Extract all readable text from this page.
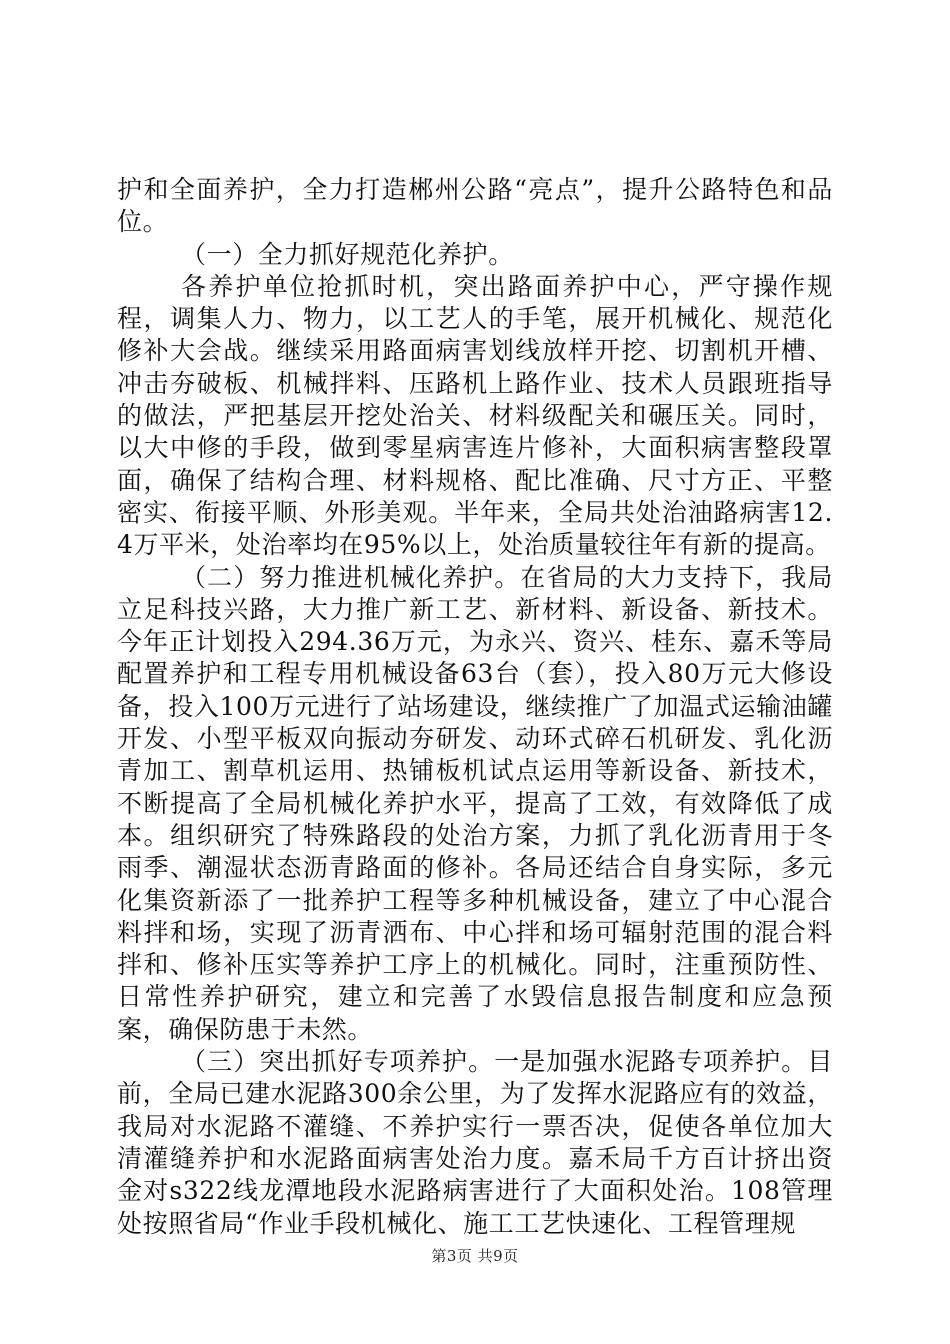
护和全面养护，全力打造郴州公路“亮点”，提升公路特色和品位。

（一）全力抓好规范化养护。

各养护单位抢抓时机，突出路面养护中心，严守操作规程，调集人力、物力，以工艺人的手笔，展开机械化、规范化修补大会战。继续采用路面病害划线放样开挖、切割机开槽、冲击夯破板、机械拌料、压路机上路作业、技术人员跟班指导的做法，严把基层开挖处治关、材料级配关和碾压关。同时，以大中修的手段，做到零星病害连片修补，大面积病害整段罩面，确保了结构合理、材料规格、配比准确、尺寸方正、平整密实、衔接平顺、外形美观。半年来，全局共处治油路病害12.4万平米，处治率均在95%以上，处治质量较往年有新的提高。

（二）努力推进机械化养护。在省局的大力支持下，我局立足科技兴路，大力推广新工艺、新材料、新设备、新技术。今年正计划投入294.36万元，为永兴、资兴、桂东、嘉禾等局配置养护和工程专用机械设备63台（套），投入80万元大修设备，投入100万元进行了站场建设，继续推广了加温式运输油罐开发、小型平板双向振动夯研发、动环式碎石机研发、乳化沥青加工、割草机运用、热铺板机试点运用等新设备、新技术，不断提高了全局机械化养护水平，提高了工效，有效降低了成本。组织研究了特殊路段的处治方案，力抓了乳化沥青用于冬雨季、潮湿状态沥青路面的修补。各局还结合自身实际，多元化集资新添了一批养护工程等多种机械设备，建立了中心混合料拌和场，实现了沥青洒布、中心拌和场可辐射范围的混合料拌和、修补压实等养护工序上的机械化。同时，注重预防性、日常性养护研究，建立和完善了水毁信息报告制度和应急预案，确保防患于未然。

（三）突出抓好专项养护。一是加强水泥路专项养护。目前，全局已建水泥路300余公里，为了发挥水泥路应有的效益，我局对水泥路不灌缝、不养护实行一票否决，促使各单位加大清灌缝养护和水泥路面病害处治力度。嘉禾局千方百计挤出资金对s322线龙潭地段水泥路病害进行了大面积处治。108管理处按照省局“作业手段机械化、施工工艺快速化、工程管理规

第3页 共9页
